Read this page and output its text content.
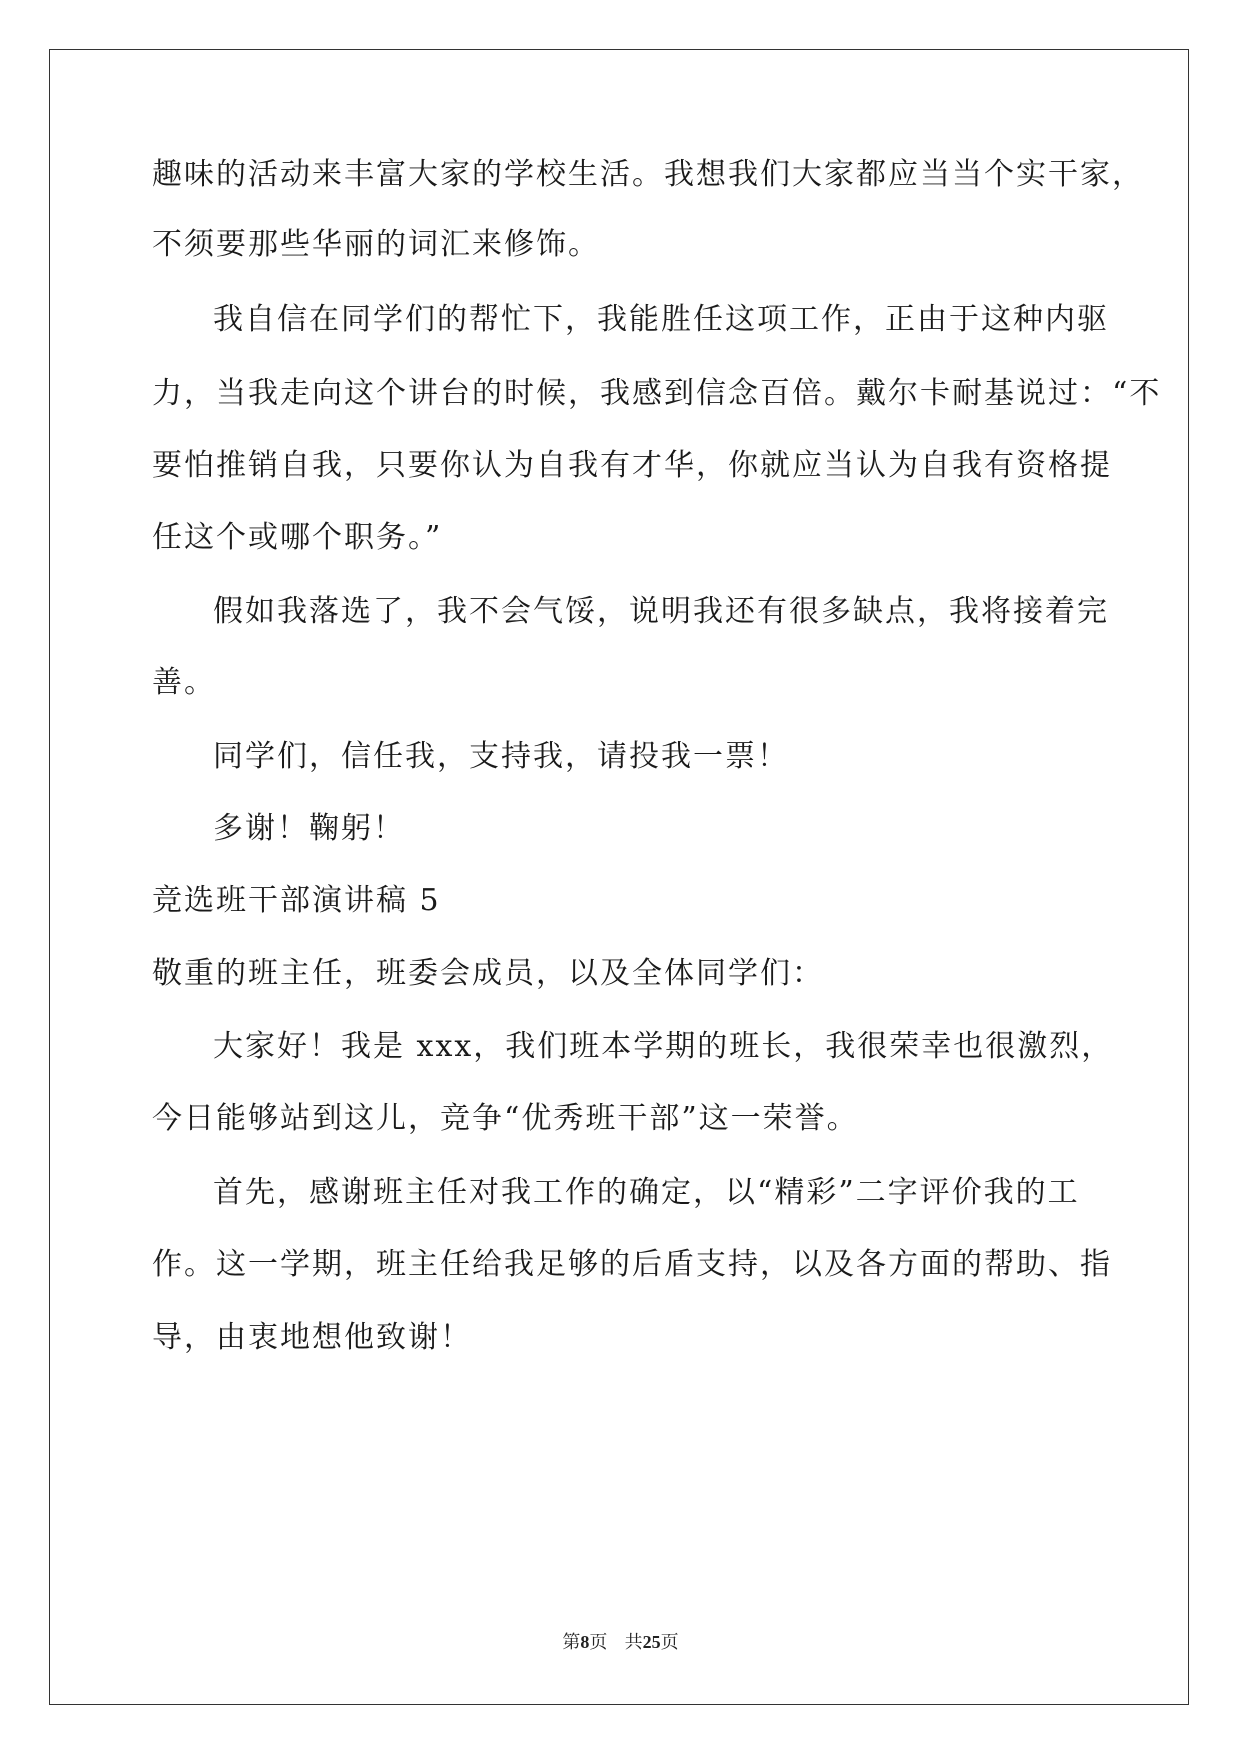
趣味的活动来丰富大家的学校生活。我想我们大家都应当当个实干家，
不须要那些华丽的词汇来修饰。
我自信在同学们的帮忙下，我能胜任这项工作，正由于这种内驱
力，当我走向这个讲台的时候，我感到信念百倍。戴尔卡耐基说过：“不
要怕推销自我，只要你认为自我有才华，你就应当认为自我有资格提
任这个或哪个职务。”
假如我落选了，我不会气馁，说明我还有很多缺点，我将接着完
善。
同学们，信任我，支持我，请投我一票！
多谢！鞠躬！
竞选班干部演讲稿 5
敬重的班主任，班委会成员，以及全体同学们：
大家好！我是 xxx，我们班本学期的班长，我很荣幸也很激烈，
今日能够站到这儿，竞争“优秀班干部”这一荣誉。
首先，感谢班主任对我工作的确定，以“精彩”二字评价我的工
作。这一学期，班主任给我足够的后盾支持，以及各方面的帮助、指
导，由衷地想他致谢！
第8页 共25页
